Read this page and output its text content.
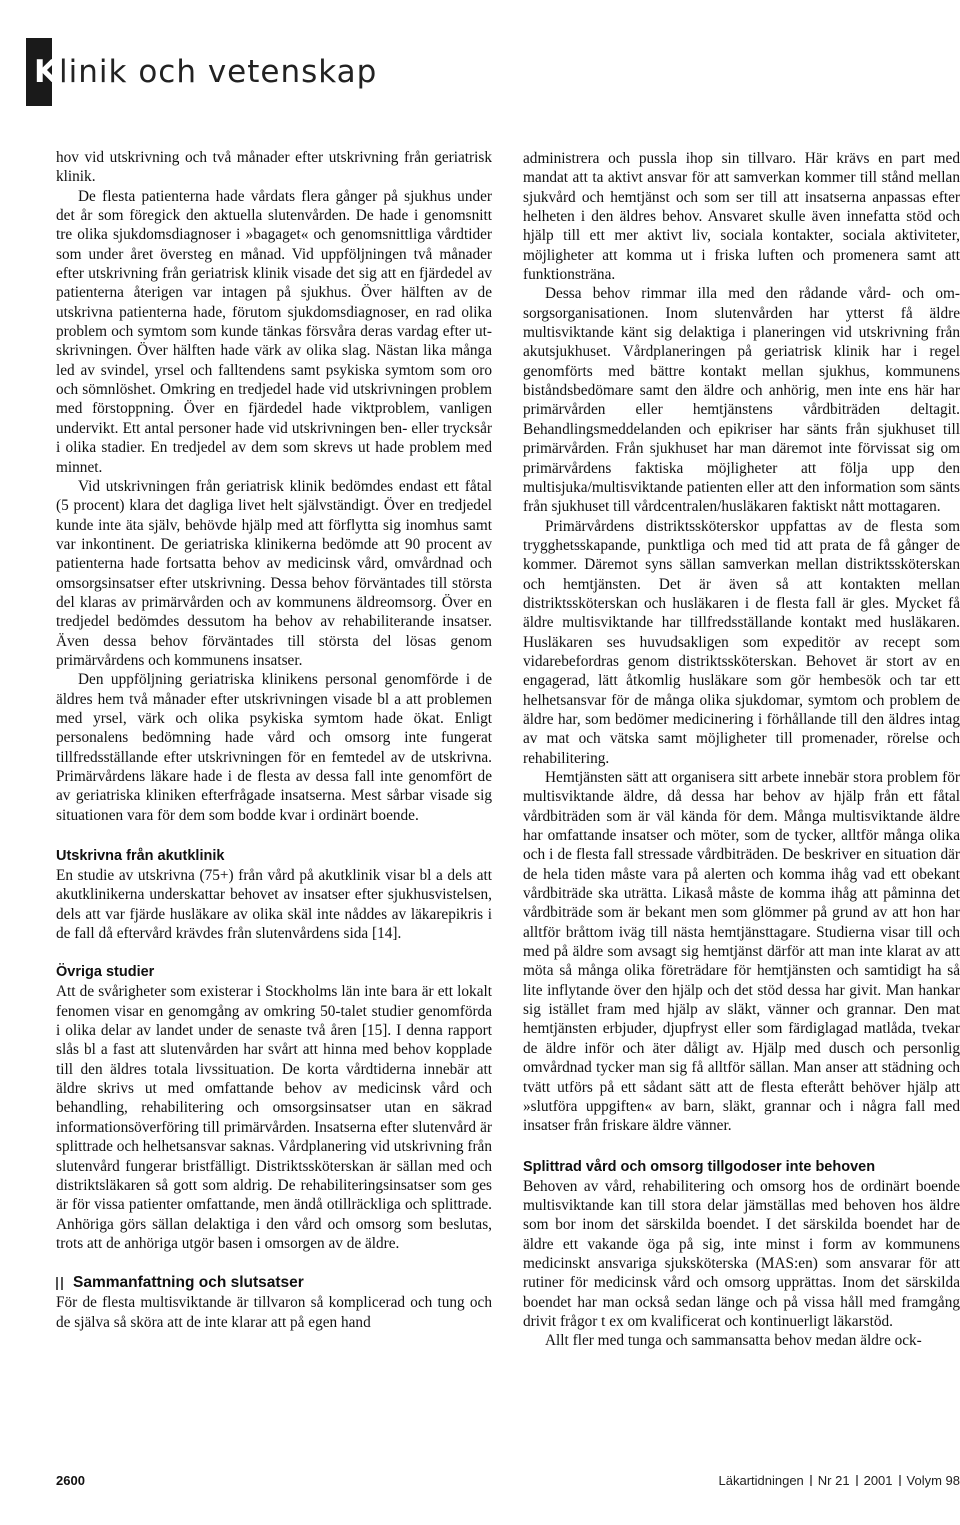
Klinik och vetenskap

hov vid utskrivning och två månader efter utskrivning från geriatrisk klinik.

De flesta patienterna hade vårdats flera gånger på sjukhus under det år som föregick den aktuella slutenvården. De hade i genomsnitt tre olika sjukdomsdiagnoser i »bagaget« och genomsnittliga vårdtider som under året översteg en månad. Vid uppföljningen två månader efter utskrivning från geriatrisk klinik visade det sig att en fjärdedel av patienterna återigen var intagen på sjukhus. Över hälften av de utskrivna patienterna hade, förutom sjukdomsdiagnoser, en rad olika problem och symtom som kunde tänkas försvåra deras vardag efter utskrivningen. Över hälften hade värk av olika slag. Nästan lika många led av svindel, yrsel och falltendens samt psykiska symtom som oro och sömnlöshet. Omkring en tredjedel hade vid utskrivningen problem med förstoppning. Över en fjärdedel hade viktproblem, vanligen undervikt. Ett antal personer hade vid utskrivningen ben- eller trycksår i olika stadier. En tredjedel av dem som skrevs ut hade problem med minnet.

Vid utskrivningen från geriatrisk klinik bedömdes endast ett fåtal (5 procent) klara det dagliga livet helt självständigt. Över en tredjedel kunde inte äta själv, behövde hjälp med att förflytta sig inomhus samt var inkontinent. De geriatriska klinikerna bedömde att 90 procent av patienterna hade fortsatta behov av medicinsk vård, omvårdnad och omsorgsinsatser efter utskrivning. Dessa behov förväntades till största del klaras av primärvården och av kommunens äldreomsorg. Över en tredjedel bedömdes dessutom ha behov av rehabiliterande insatser. Även dessa behov förväntades till största del lösas genom primärvårdens och kommunens insatser.

Den uppföljning geriatriska klinikens personal genomförde i de äldres hem två månader efter utskrivningen visade bl a att problemen med yrsel, värk och olika psykiska symtom hade ökat. Enligt personalens bedömning hade vård och omsorg inte fungerat tillfredsställande efter utskrivningen för en femtedel av de utskrivna. Primärvårdens läkare hade i de flesta av dessa fall inte genomfört de av geriatriska kliniken efterfrågade insatserna. Mest sårbar visade sig situationen vara för dem som bodde kvar i ordinärt boende.

Utskrivna från akutklinik

En studie av utskrivna (75+) från vård på akutklinik visar bl a dels att akutklinikerna underskattar behovet av insatser efter sjukhusvistelsen, dels att var fjärde husläkare av olika skäl inte nåddes av läkarepikris i de fall då eftervård krävdes från slutenvårdens sida [14].

Övriga studier

Att de svårigheter som existerar i Stockholms län inte bara är ett lokalt fenomen visar en genomgång av omkring 50-talet studier genomförda i olika delar av landet under de senaste två åren [15]. I denna rapport slås bl a fast att slutenvården har svårt att hinna med behov kopplade till den äldres totala livssituation. De korta vårdtiderna innebär att äldre skrivs ut med omfattande behov av medicinsk vård och behandling, rehabilitering och omsorgsinsatser utan en säkrad informationsöverföring till primärvården. Insatserna efter slutenvård är splittrade och helhetsansvar saknas. Vårdplanering vid utskrivning från slutenvård fungerar bristfälligt. Distriktssköterskan är sällan med och distriktsläkaren så gott som aldrig. De rehabiliteringsinsatser som ges är för vissa patienter omfattande, men ändå otillräckliga och splittrade. Anhöriga görs sällan delaktiga i den vård och omsorg som beslutas, trots att de anhöriga utgör basen i omsorgen av de äldre.

Sammanfattning och slutsatser

För de flesta multisviktande är tillvaron så komplicerad och tung och de själva så sköra att de inte klarar att på egen hand

administrera och pussla ihop sin tillvaro. Här krävs en part med mandat att ta aktivt ansvar för att samverkan kommer till stånd mellan sjukvård och hemtjänst och som ser till att insatserna anpassas efter helheten i den äldres behov. Ansvaret skulle även innefatta stöd och hjälp till ett mer aktivt liv, sociala kontakter, sociala aktiviteter, möjligheter att komma ut i friska luften och promenera samt att funktionsträna.

Dessa behov rimmar illa med den rådande vård- och omsorgsorganisationen. Inom slutenvården har ytterst få äldre multisviktande känt sig delaktiga i planeringen vid utskrivning från akutsjukhuset. Vårdplaneringen på geriatrisk klinik har i regel genomförts med bättre kontakt mellan sjukhus, kommunens biståndsbedömare samt den äldre och anhörig, men inte ens här har primärvården eller hemtjänstens vårdbiträden deltagit. Behandlingsmeddelanden och epikriser har sänts från sjukhuset till primärvården. Från sjukhuset har man däremot inte förvissat sig om primärvårdens faktiska möjligheter att följa upp den multisjuka/multisviktande patienten eller att den information som sänts från sjukhuset till vårdcentralen/husläkaren faktiskt nått mottagaren.

Primärvårdens distriktssköterskor uppfattas av de flesta som trygghetsskapande, punktliga och med tid att prata de få gånger de kommer. Däremot syns sällan samverkan mellan distriktssköterskan och hemtjänsten. Det är även så att kontakten mellan distriktssköterskan och husläkaren i de flesta fall är gles. Mycket få äldre multisviktande har tillfredsställande kontakt med husläkaren. Husläkaren ses huvudsakligen som expeditör av recept som vidarebefordras genom distriktssköterskan. Behovet är stort av en engagerad, lätt åtkomlig husläkare som gör hembesök och tar ett helhetsansvar för de många olika sjukdomar, symtom och problem de äldre har, som bedömer medicinering i förhållande till den äldres intag av mat och vätska samt möjligheter till promenader, rörelse och rehabilitering.

Hemtjänsten sätt att organisera sitt arbete innebär stora problem för multisviktande äldre, då dessa har behov av hjälp från ett fåtal vårdbiträden som är väl kända för dem. Många multisviktande äldre har omfattande insatser och möter, som de tycker, alltför många olika och i de flesta fall stressade vårdbiträden. De beskriver en situation där de hela tiden måste vara på alerten och komma ihåg vad ett obekant vårdbiträde ska uträtta. Likaså måste de komma ihåg att påminna det vårdbiträde som är bekant men som glömmer på grund av att hon har alltför bråttom iväg till nästa hemtjänsttagare. Studierna visar till och med på äldre som avsagt sig hemtjänst därför att man inte klarat av att möta så många olika företrädare för hemtjänsten och samtidigt ha så lite inflytande över den hjälp och det stöd dessa har givit. Man hankar sig istället fram med hjälp av släkt, vänner och grannar. Den mat hemtjänsten erbjuder, djupfryst eller som färdiglagad matlåda, tvekar de äldre inför och äter dåligt av. Hjälp med dusch och personlig omvårdnad tycker man sig få alltför sällan. Man anser att städning och tvätt utförs på ett sådant sätt att de flesta efterått behöver hjälp att »slutföra uppgiften« av barn, släkt, grannar och i några fall med insatser från friskare äldre vänner.

Splittrad vård och omsorg tillgodoser inte behoven

Behoven av vård, rehabilitering och omsorg hos de ordinärt boende multisviktande kan till stora delar jämställas med behoven hos äldre som bor inom det särskilda boendet. I det särskilda boendet har de äldre ett vakande öga på sig, inte minst i form av kommunens medicinskt ansvariga sjuksköterska (MAS:en) som ansvarar för att rutiner för medicinsk vård och omsorg upprättas. Inom det särskilda boendet har man också sedan länge och på vissa håll med framgång drivit frågor t ex om kvalificerat och kontinuerligt läkarstöd.

Allt fler med tunga och sammansatta behov medan äldre ock-

2600	Läkartidningen Nr 21 2001 Volym 98
